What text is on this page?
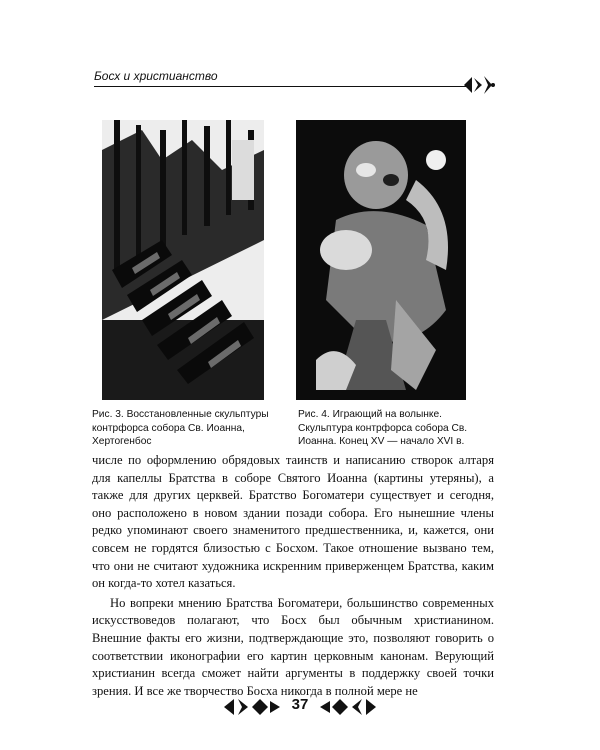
Босх и христианство
Рис. 3. Восстановленные скульптуры контрфорса собора Св. Иоанна, Хертогенбос
Рис. 4. Играющий на волынке. Скульптура контрфорса собора Св. Иоанна. Конец XV — начало XVI в.

числе по оформлению обрядовых таинств и написанию створок алтаря для капеллы Братства в соборе Святого Иоанна (картины утеряны), а также для других церквей. Братство Богоматери существует и сегодня, оно расположено в новом здании позади собора. Его нынешние члены редко упоминают своего знаменитого предшественника, и, кажется, они совсем не гордятся близостью с Босхом. Такое отношение вызвано тем, что они не считают художника искренним приверженцем Братства, каким он когда-то хотел казаться.

Но вопреки мнению Братства Богоматери, большинство современных искусствоведов полагают, что Босх был обычным христианином. Внешние факты его жизни, подтверждающие это, позволяют говорить о соответствии иконографии его картин церковным канонам. Верующий христианин всегда сможет найти аргументы в поддержку своей точки зрения. И все же творчество Босха никогда в полной мере не

37
